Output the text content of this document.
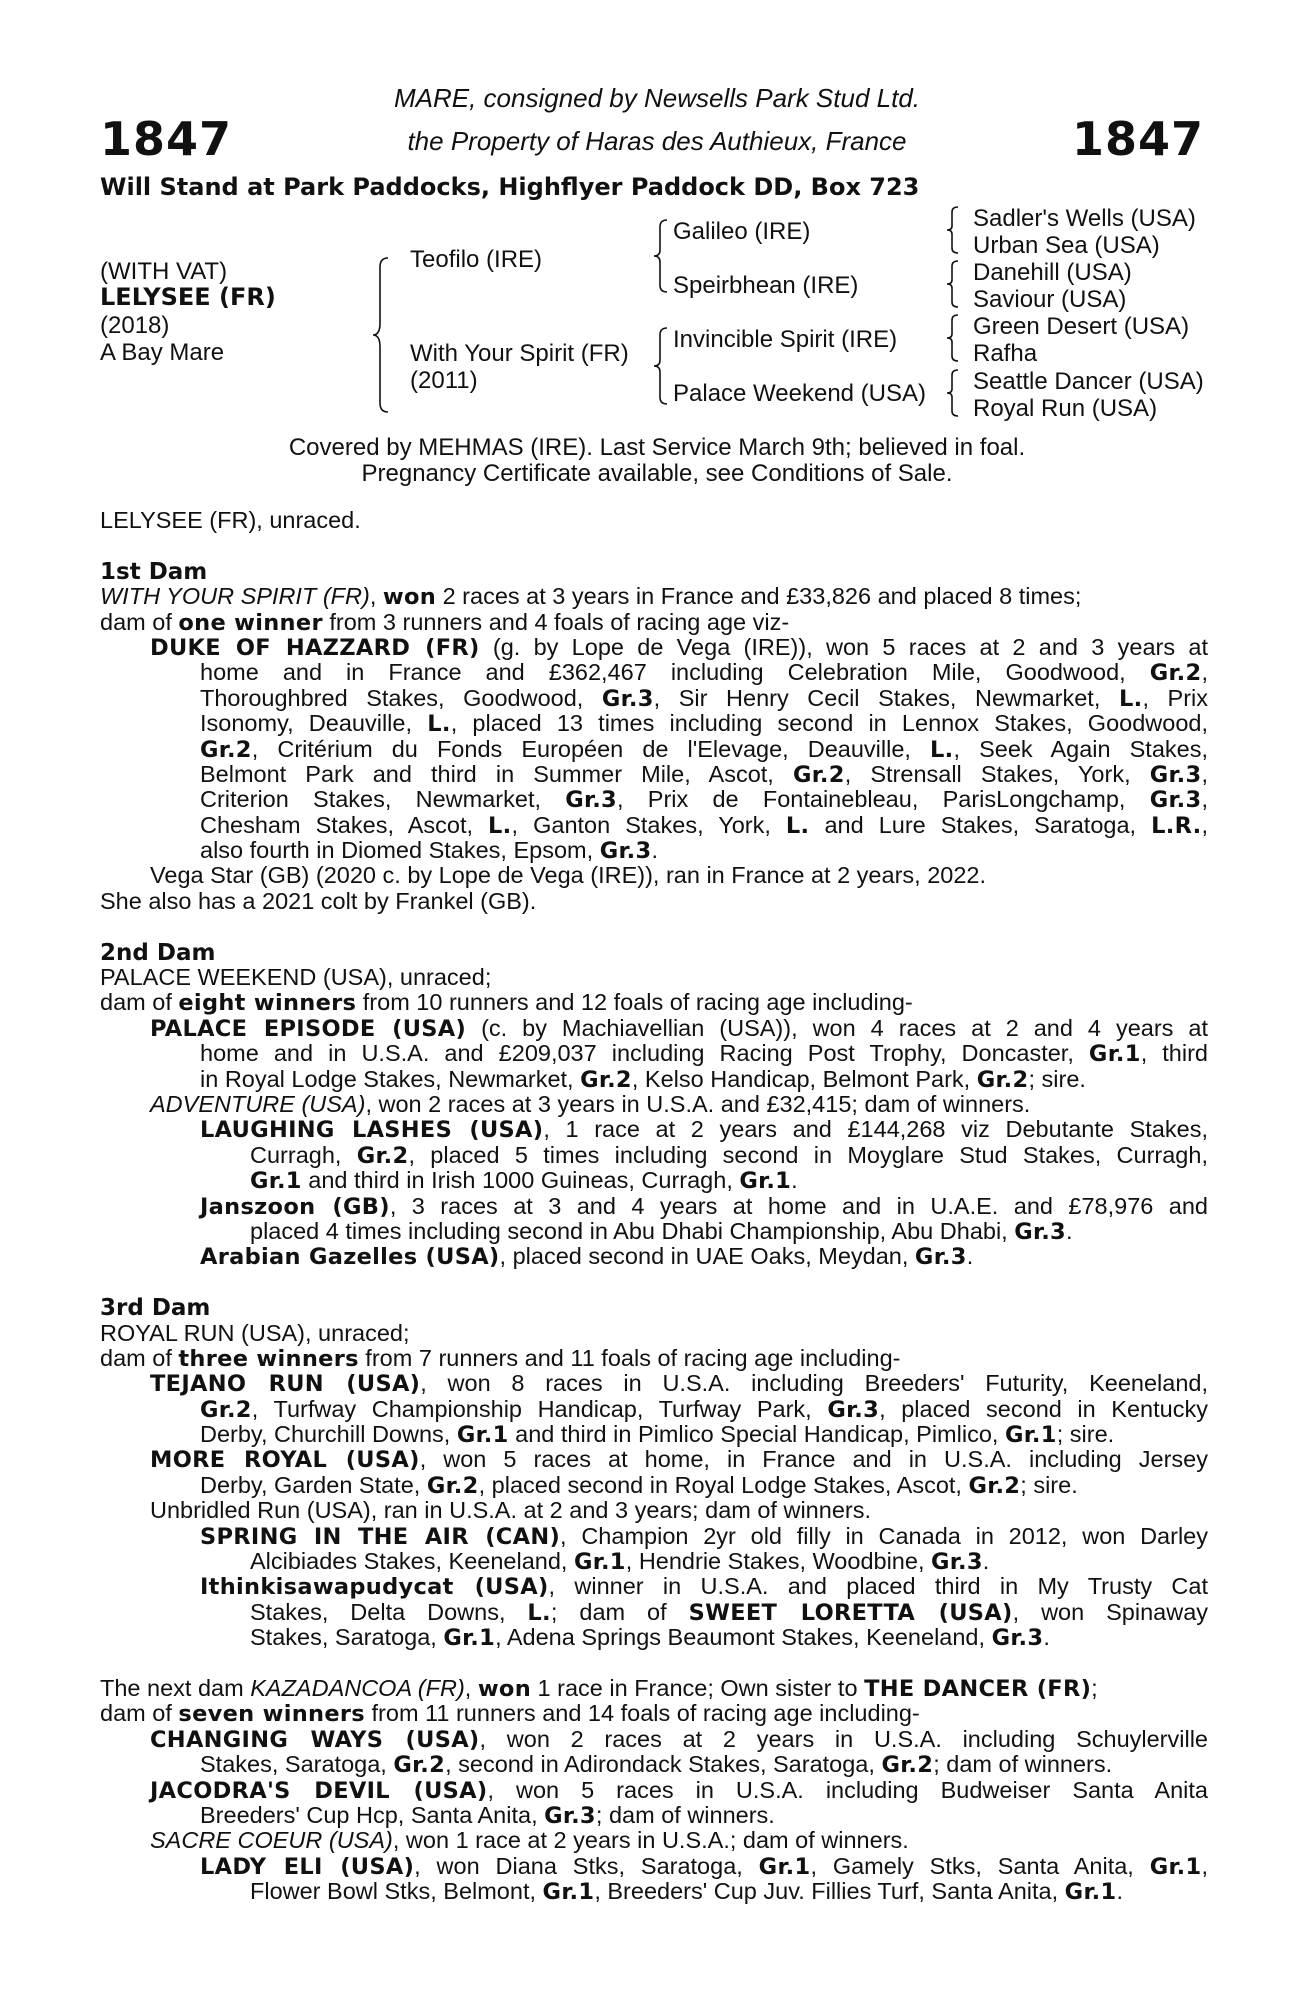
1847	1847
MARE, consigned by Newsells Park Stud Ltd.
the Property of Haras des Authieux, France
Will Stand at Park Paddocks, Highflyer Paddock DD, Box 723
(WITH VAT)
LELYSEE (FR)
(2018)
A Bay Mare
Teofilo (IRE)
With Your Spirit (FR)
(2011)
Galileo (IRE)
Speirbhean (IRE)
Invincible Spirit (IRE)
Palace Weekend (USA)
Sadler's Wells (USA)
Urban Sea (USA)
Danehill (USA)
Saviour (USA)
Green Desert (USA)
Rafha
Seattle Dancer (USA)
Royal Run (USA)
Covered by MEHMAS (IRE). Last Service March 9th; believed in foal.
Pregnancy Certificate available, see Conditions of Sale.
LELYSEE (FR), unraced.
1st Dam
WITH YOUR SPIRIT (FR), won 2 races at 3 years in France and £33,826 and placed 8 times;
dam of one winner from 3 runners and 4 foals of racing age viz-
DUKE OF HAZZARD (FR) (g. by Lope de Vega (IRE)), won 5 races at 2 and 3 years at
home and in France and £362,467 including Celebration Mile, Goodwood, Gr.2,
Thoroughbred Stakes, Goodwood, Gr.3, Sir Henry Cecil Stakes, Newmarket, L., Prix
Isonomy, Deauville, L., placed 13 times including second in Lennox Stakes, Goodwood,
Gr.2, Critérium du Fonds Européen de l'Elevage, Deauville, L., Seek Again Stakes,
Belmont Park and third in Summer Mile, Ascot, Gr.2, Strensall Stakes, York, Gr.3,
Criterion Stakes, Newmarket, Gr.3, Prix de Fontainebleau, ParisLongchamp, Gr.3,
Chesham Stakes, Ascot, L., Ganton Stakes, York, L. and Lure Stakes, Saratoga, L.R.,
also fourth in Diomed Stakes, Epsom, Gr.3.
Vega Star (GB) (2020 c. by Lope de Vega (IRE)), ran in France at 2 years, 2022.
She also has a 2021 colt by Frankel (GB).
2nd Dam
PALACE WEEKEND (USA), unraced;
dam of eight winners from 10 runners and 12 foals of racing age including-
PALACE EPISODE (USA) (c. by Machiavellian (USA)), won 4 races at 2 and 4 years at
home and in U.S.A. and £209,037 including Racing Post Trophy, Doncaster, Gr.1, third
in Royal Lodge Stakes, Newmarket, Gr.2, Kelso Handicap, Belmont Park, Gr.2; sire.
ADVENTURE (USA), won 2 races at 3 years in U.S.A. and £32,415; dam of winners.
LAUGHING LASHES (USA), 1 race at 2 years and £144,268 viz Debutante Stakes,
Curragh, Gr.2, placed 5 times including second in Moyglare Stud Stakes, Curragh,
Gr.1 and third in Irish 1000 Guineas, Curragh, Gr.1.
Janszoon (GB), 3 races at 3 and 4 years at home and in U.A.E. and £78,976 and
placed 4 times including second in Abu Dhabi Championship, Abu Dhabi, Gr.3.
Arabian Gazelles (USA), placed second in UAE Oaks, Meydan, Gr.3.
3rd Dam
ROYAL RUN (USA), unraced;
dam of three winners from 7 runners and 11 foals of racing age including-
TEJANO RUN (USA), won 8 races in U.S.A. including Breeders' Futurity, Keeneland,
Gr.2, Turfway Championship Handicap, Turfway Park, Gr.3, placed second in Kentucky
Derby, Churchill Downs, Gr.1 and third in Pimlico Special Handicap, Pimlico, Gr.1; sire.
MORE ROYAL (USA), won 5 races at home, in France and in U.S.A. including Jersey
Derby, Garden State, Gr.2, placed second in Royal Lodge Stakes, Ascot, Gr.2; sire.
Unbridled Run (USA), ran in U.S.A. at 2 and 3 years; dam of winners.
SPRING IN THE AIR (CAN), Champion 2yr old filly in Canada in 2012, won Darley
Alcibiades Stakes, Keeneland, Gr.1, Hendrie Stakes, Woodbine, Gr.3.
Ithinkisawapudycat (USA), winner in U.S.A. and placed third in My Trusty Cat
Stakes, Delta Downs, L.; dam of SWEET LORETTA (USA), won Spinaway
Stakes, Saratoga, Gr.1, Adena Springs Beaumont Stakes, Keeneland, Gr.3.
The next dam KAZADANCOA (FR), won 1 race in France; Own sister to THE DANCER (FR);
dam of seven winners from 11 runners and 14 foals of racing age including-
CHANGING WAYS (USA), won 2 races at 2 years in U.S.A. including Schuylerville
Stakes, Saratoga, Gr.2, second in Adirondack Stakes, Saratoga, Gr.2; dam of winners.
JACODRA'S DEVIL (USA), won 5 races in U.S.A. including Budweiser Santa Anita
Breeders' Cup Hcp, Santa Anita, Gr.3; dam of winners.
SACRE COEUR (USA), won 1 race at 2 years in U.S.A.; dam of winners.
LADY ELI (USA), won Diana Stks, Saratoga, Gr.1, Gamely Stks, Santa Anita, Gr.1,
Flower Bowl Stks, Belmont, Gr.1, Breeders' Cup Juv. Fillies Turf, Santa Anita, Gr.1.
